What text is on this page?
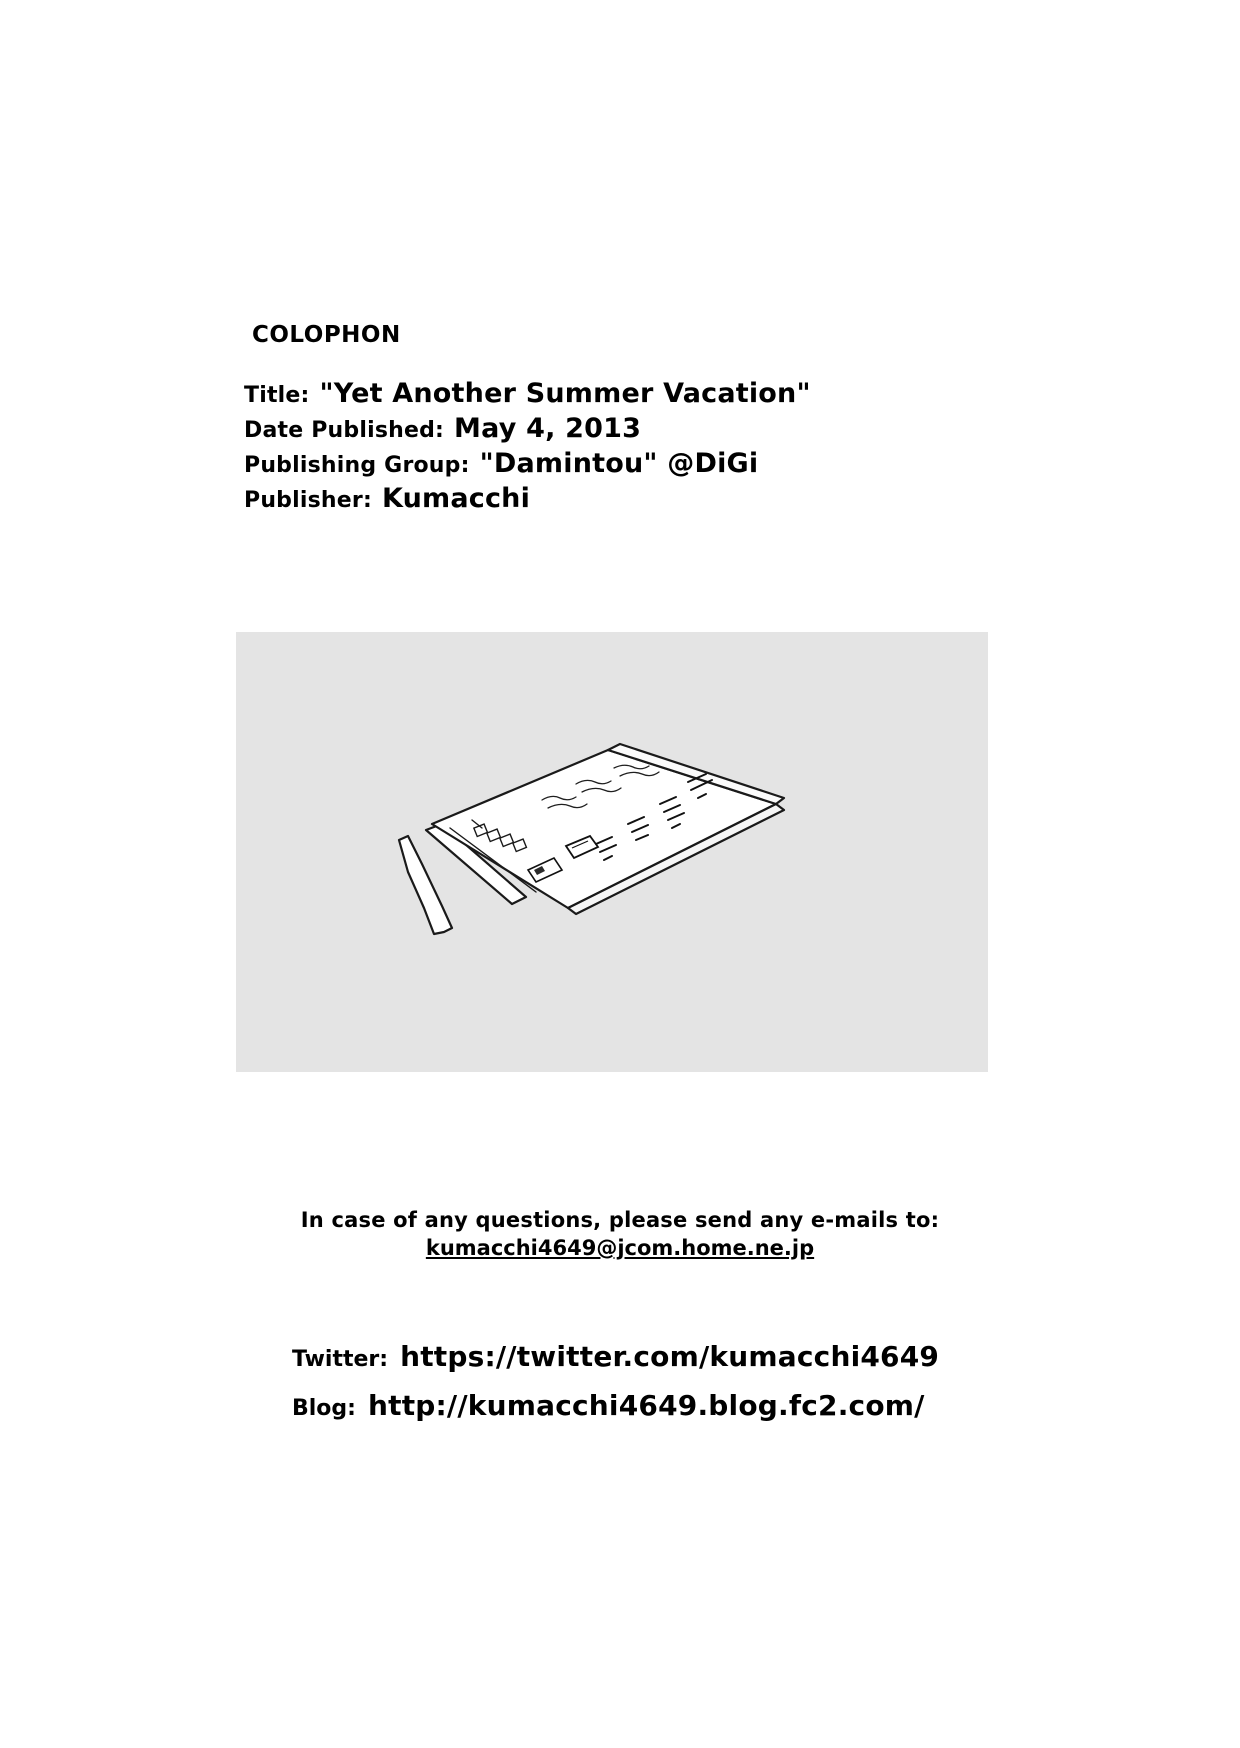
COLOPHON
Title: "Yet Another Summer Vacation"
Date Published: May 4, 2013
Publishing Group: "Damintou" @DiGi
Publisher: Kumacchi
In case of any questions, please send any e-mails to:
kumacchi4649@jcom.home.ne.jp
Twitter: https://twitter.com/kumacchi4649
Blog: http://kumacchi4649.blog.fc2.com/
